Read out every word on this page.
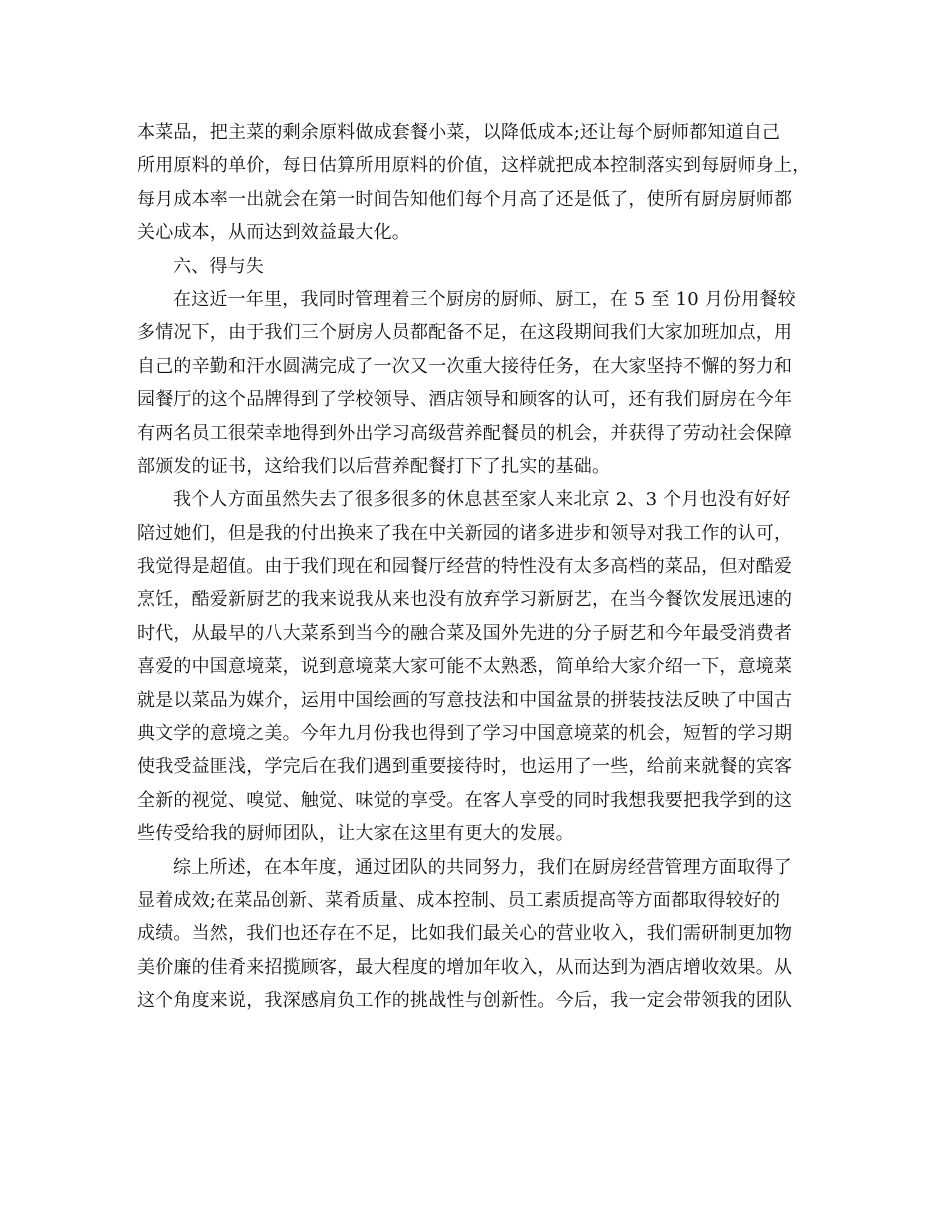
本菜品，把主菜的剩余原料做成套餐小菜，以降低成本;还让每个厨师都知道自己
所用原料的单价，每日估算所用原料的价值，这样就把成本控制落实到每厨师身上，
每月成本率一出就会在第一时间告知他们每个月高了还是低了，使所有厨房厨师都
关心成本，从而达到效益最大化。
六、得与失
在这近一年里，我同时管理着三个厨房的厨师、厨工，在 5 至 10 月份用餐较
多情况下，由于我们三个厨房人员都配备不足，在这段期间我们大家加班加点，用
自己的辛勤和汗水圆满完成了一次又一次重大接待任务，在大家坚持不懈的努力和
园餐厅的这个品牌得到了学校领导、酒店领导和顾客的认可，还有我们厨房在今年
有两名员工很荣幸地得到外出学习高级营养配餐员的机会，并获得了劳动社会保障
部颁发的证书，这给我们以后营养配餐打下了扎实的基础。
我个人方面虽然失去了很多很多的休息甚至家人来北京 2、3 个月也没有好好
陪过她们，但是我的付出换来了我在中关新园的诸多进步和领导对我工作的认可，
我觉得是超值。由于我们现在和园餐厅经营的特性没有太多高档的菜品，但对酷爱
烹饪，酷爱新厨艺的我来说我从来也没有放弃学习新厨艺，在当今餐饮发展迅速的
时代，从最早的八大菜系到当今的融合菜及国外先进的分子厨艺和今年最受消费者
喜爱的中国意境菜，说到意境菜大家可能不太熟悉，简单给大家介绍一下，意境菜
就是以菜品为媒介，运用中国绘画的写意技法和中国盆景的拼装技法反映了中国古
典文学的意境之美。今年九月份我也得到了学习中国意境菜的机会，短暂的学习期
使我受益匪浅，学完后在我们遇到重要接待时，也运用了一些，给前来就餐的宾客
全新的视觉、嗅觉、触觉、味觉的享受。在客人享受的同时我想我要把我学到的这
些传受给我的厨师团队，让大家在这里有更大的发展。
综上所述，在本年度，通过团队的共同努力，我们在厨房经营管理方面取得了
显着成效;在菜品创新、菜肴质量、成本控制、员工素质提高等方面都取得较好的
成绩。当然，我们也还存在不足，比如我们最关心的营业收入，我们需研制更加物
美价廉的佳肴来招揽顾客，最大程度的增加年收入，从而达到为酒店增收效果。从
这个角度来说，我深感肩负工作的挑战性与创新性。今后，我一定会带领我的团队
